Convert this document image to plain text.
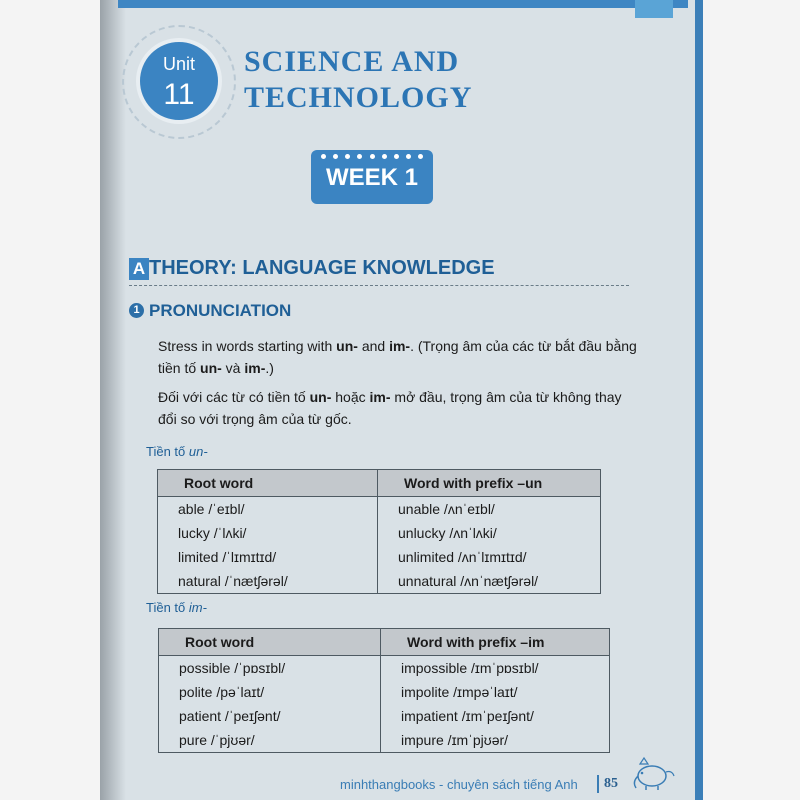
Unit
11
SCIENCE AND
TECHNOLOGY
WEEK 1
A THEORY: LANGUAGE KNOWLEDGE
1 PRONUNCIATION
Stress in words starting with un- and im-. (Trọng âm của các từ bắt đầu bằng tiền tố un- và im-.)
Đối với các từ có tiền tố un- hoặc im- mở đầu, trọng âm của từ không thay đổi so với trọng âm của từ gốc.
Tiền tố un-
Root word	Word with prefix –un
able /ˈeɪbl/	unable /ʌnˈeɪbl/
lucky /ˈlʌki/	unlucky /ʌnˈlʌki/
limited /ˈlɪmɪtɪd/	unlimited /ʌnˈlɪmɪtɪd/
natural /ˈnætʃərəl/	unnatural /ʌnˈnætʃərəl/
Tiền tố im-
Root word	Word with prefix –im
possible /ˈpɒsɪbl/	impossible /ɪmˈpɒsɪbl/
polite /pəˈlaɪt/	impolite /ɪmpəˈlaɪt/
patient /ˈpeɪʃənt/	impatient /ɪmˈpeɪʃənt/
pure /ˈpjʊər/	impure /ɪmˈpjʊər/
minhthangbooks - chuyên sách tiếng Anh 85
